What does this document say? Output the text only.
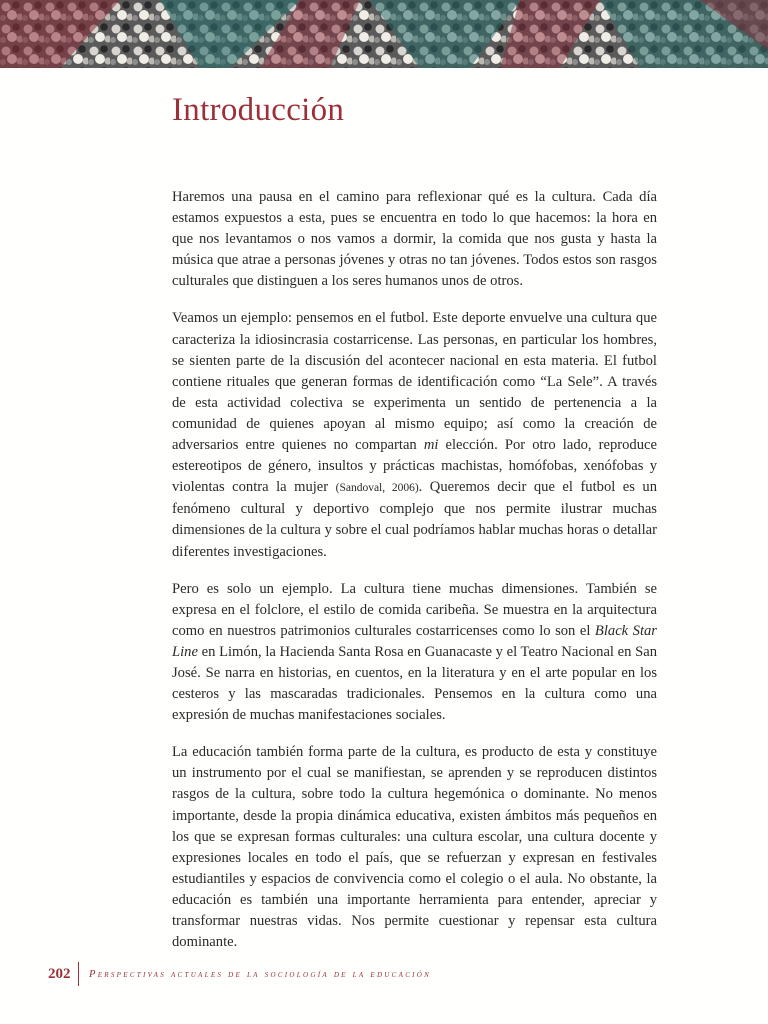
Introducción

Haremos una pausa en el camino para reflexionar qué es la cultura. Cada día estamos expuestos a esta, pues se encuentra en todo lo que hacemos: la hora en que nos levantamos o nos vamos a dormir, la comida que nos gusta y hasta la música que atrae a personas jóvenes y otras no tan jóvenes. Todos estos son rasgos culturales que distinguen a los seres humanos unos de otros.

Veamos un ejemplo: pensemos en el futbol. Este deporte envuelve una cultura que caracteriza la idiosincrasia costarricense. Las personas, en particular los hombres, se sienten parte de la discusión del acontecer nacional en esta materia. El futbol contiene rituales que generan formas de identificación como “La Sele”. A través de esta actividad colectiva se experimenta un sentido de pertenencia a la comunidad de quienes apoyan al mismo equipo; así como la creación de adversarios entre quienes no compartan mi elección. Por otro lado, reproduce estereotipos de género, insultos y prácticas machistas, homófobas, xenófobas y violentas contra la mujer (Sandoval, 2006). Queremos decir que el futbol es un fenómeno cultural y deportivo complejo que nos permite ilustrar muchas dimensiones de la cultura y sobre el cual podríamos hablar muchas horas o detallar diferentes investigaciones.

Pero es solo un ejemplo. La cultura tiene muchas dimensiones. También se expresa en el folclore, el estilo de comida caribeña. Se muestra en la arquitectura como en nuestros patrimonios culturales costarricenses como lo son el Black Star Line en Limón, la Hacienda Santa Rosa en Guanacaste y el Teatro Nacional en San José. Se narra en historias, en cuentos, en la literatura y en el arte popular en los cesteros y las mascaradas tradicionales. Pensemos en la cultura como una expresión de muchas manifestaciones sociales.

La educación también forma parte de la cultura, es producto de esta y constituye un instrumento por el cual se manifiestan, se aprenden y se reproducen distintos rasgos de la cultura, sobre todo la cultura hegemónica o dominante. No menos importante, desde la propia dinámica educativa, existen ámbitos más pequeños en los que se expresan formas culturales: una cultura escolar, una cultura docente y expresiones locales en todo el país, que se refuerzan y expresan en festivales estudiantiles y espacios de convivencia como el colegio o el aula. No obstante, la educación es también una importante herramienta para entender, apreciar y transformar nuestras vidas. Nos permite cuestionar y repensar esta cultura dominante.

202 Perspectivas actuales de la sociología de la educación
